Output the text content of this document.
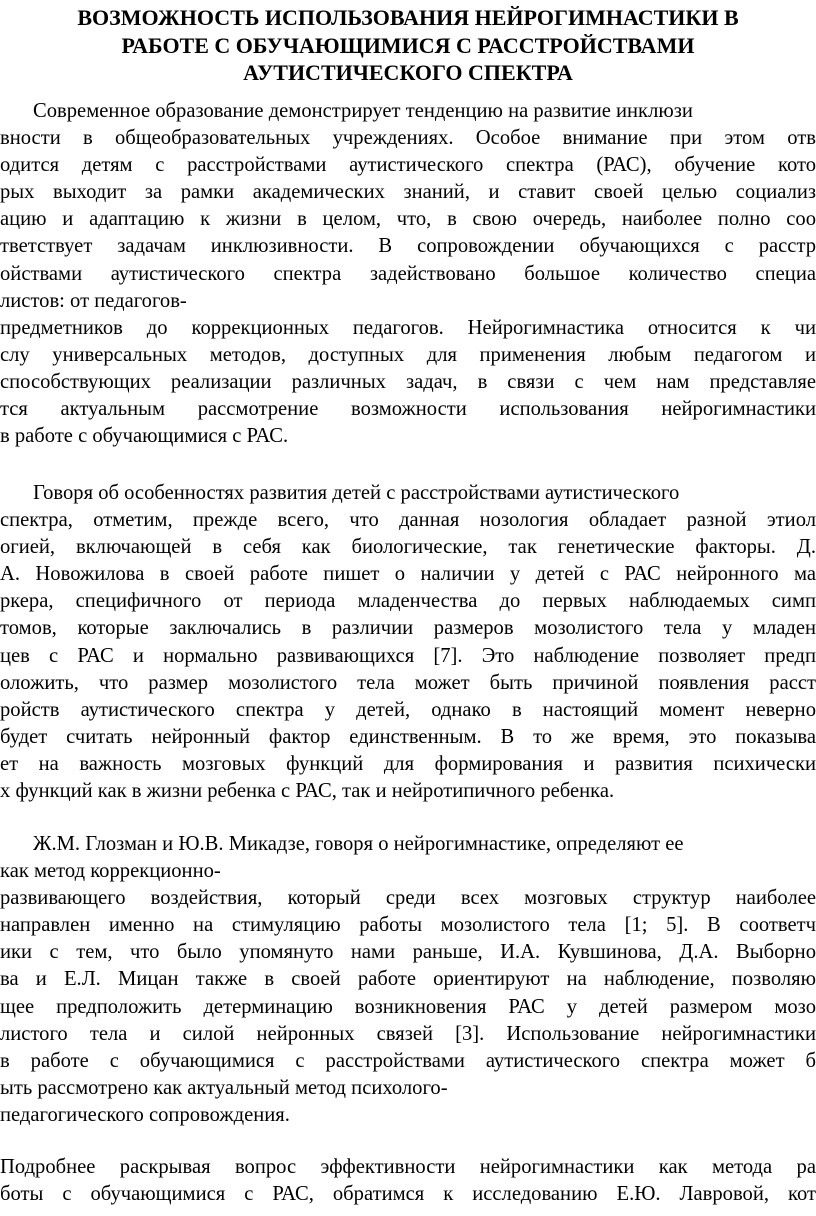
ВОЗМОЖНОСТЬ ИСПОЛЬЗОВАНИЯ НЕЙРОГИМНАСТИКИ В
РАБОТЕ С ОБУЧАЮЩИМИСЯ С РАССТРОЙСТВАМИ
АУТИСТИЧЕСКОГО СПЕКТРА
Современное образование демонстрирует тенденцию на развитие инклюзи
вности в общеобразовательных учреждениях. Особое внимание при этом отв
одится детям с расстройствами аутистического спектра (РАС), обучение кото
рых выходит за рамки академических знаний, и ставит своей целью социализ
ацию и адаптацию к жизни в целом, что, в свою очередь, наиболее полно соо
тветствует задачам инклюзивности. В сопровождении обучающихся с расстр
ойствами аутистического спектра задействовано большое количество специа
листов: от педагогов-
предметников до коррекционных педагогов. Нейрогимнастика относится к чи
слу универсальных методов, доступных для применения любым педагогом и
способствующих реализации различных задач, в связи с чем нам представляе
тся актуальным рассмотрение возможности использования нейрогимнастики
в работе с обучающимися с РАС.
Говоря об особенностях развития детей с расстройствами аутистического
спектра, отметим, прежде всего, что данная нозология обладает разной этиол
огией, включающей в себя как биологические, так генетические факторы. Д.
А. Новожилова в своей работе пишет о наличии у детей с РАС нейронного ма
ркера, специфичного от периода младенчества до первых наблюдаемых симп
томов, которые заключались в различии размеров мозолистого тела у младен
цев с РАС и нормально развивающихся [7]. Это наблюдение позволяет предп
оложить, что размер мозолистого тела может быть причиной появления расст
ройств аутистического спектра у детей, однако в настоящий момент неверно
будет считать нейронный фактор единственным. В то же время, это показыва
ет на важность мозговых функций для формирования и развития психически
х функций как в жизни ребенка с РАС, так и нейротипичного ребенка.
Ж.М. Глозман и Ю.В. Микадзе, говоря о нейрогимнастике, определяют ее
как метод коррекционно-
развивающего воздействия, который среди всех мозговых структур наиболее
направлен именно на стимуляцию работы мозолистого тела [1; 5]. В соответч
ики с тем, что было упомянуто нами раньше, И.А. Кувшинова, Д.А. Выборно
ва и Е.Л. Мицан также в своей работе ориентируют на наблюдение, позволяю
щее предположить детерминацию возникновения РАС у детей размером мозо
листого тела и силой нейронных связей [3]. Использование нейрогимнастики
в работе с обучающимися с расстройствами аутистического спектра может б
ыть рассмотрено как актуальный метод психолого-
педагогического сопровождения.
Подробнее раскрывая вопрос эффективности нейрогимнастики как метода ра
боты с обучающимися с РАС, обратимся к исследованию Е.Ю. Лавровой, кот
